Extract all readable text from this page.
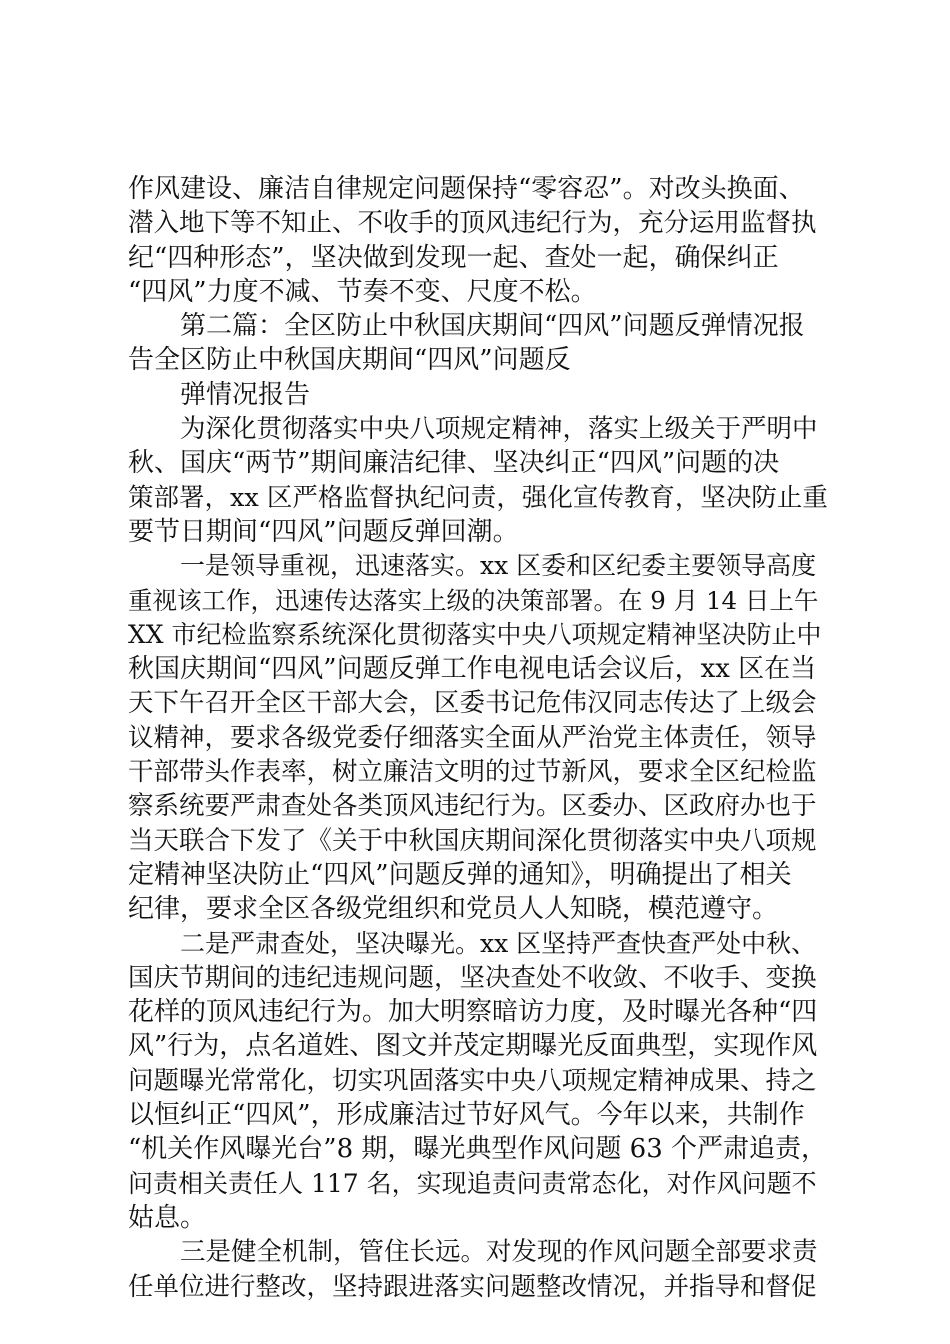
作风建设、廉洁自律规定问题保持“零容忍”。对改头换面、
潜入地下等不知止、不收手的顶风违纪行为，充分运用监督执
纪“四种形态”，坚决做到发现一起、查处一起，确保纠正
“四风”力度不减、节奏不变、尺度不松。
第二篇：全区防止中秋国庆期间“四风”问题反弹情况报
告全区防止中秋国庆期间“四风”问题反
弹情况报告
为深化贯彻落实中央八项规定精神，落实上级关于严明中
秋、国庆“两节”期间廉洁纪律、坚决纠正“四风”问题的决
策部署，xx 区严格监督执纪问责，强化宣传教育，坚决防止重
要节日期间“四风”问题反弹回潮。
一是领导重视，迅速落实。xx 区委和区纪委主要领导高度
重视该工作，迅速传达落实上级的决策部署。在 9 月 14 日上午
XX 市纪检监察系统深化贯彻落实中央八项规定精神坚决防止中
秋国庆期间“四风”问题反弹工作电视电话会议后，xx 区在当
天下午召开全区干部大会，区委书记危伟汉同志传达了上级会
议精神，要求各级党委仔细落实全面从严治党主体责任，领导
干部带头作表率，树立廉洁文明的过节新风，要求全区纪检监
察系统要严肃查处各类顶风违纪行为。区委办、区政府办也于
当天联合下发了《关于中秋国庆期间深化贯彻落实中央八项规
定精神坚决防止“四风”问题反弹的通知》，明确提出了相关
纪律，要求全区各级党组织和党员人人知晓，模范遵守。
二是严肃查处，坚决曝光。xx 区坚持严查快查严处中秋、
国庆节期间的违纪违规问题，坚决查处不收敛、不收手、变换
花样的顶风违纪行为。加大明察暗访力度，及时曝光各种“四
风”行为，点名道姓、图文并茂定期曝光反面典型，实现作风
问题曝光常常化，切实巩固落实中央八项规定精神成果、持之
以恒纠正“四风”，形成廉洁过节好风气。今年以来，共制作
“机关作风曝光台”8 期，曝光典型作风问题 63 个严肃追责，
问责相关责任人 117 名，实现追责问责常态化，对作风问题不
姑息。
三是健全机制，管住长远。对发现的作风问题全部要求责
任单位进行整改，坚持跟进落实问题整改情况，并指导和督促
